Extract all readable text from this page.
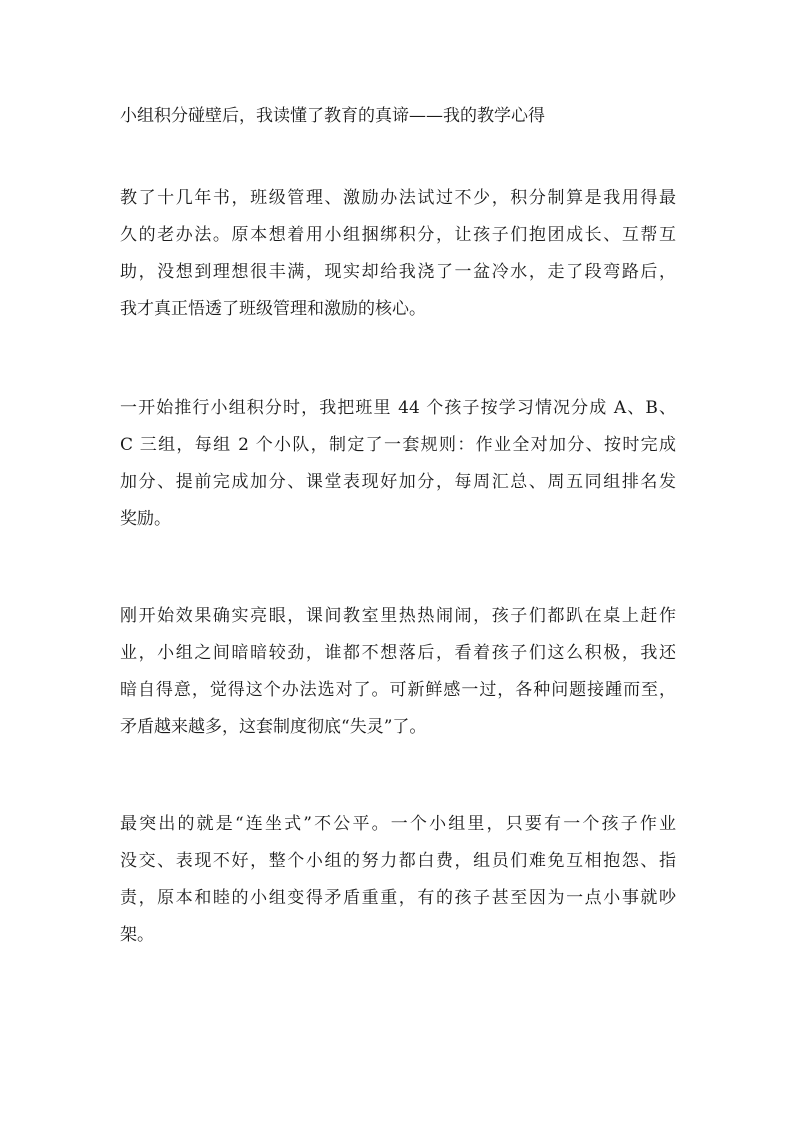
小组积分碰壁后，我读懂了教育的真谛——我的教学心得
教了十几年书，班级管理、激励办法试过不少，积分制算是我用得最
久的老办法。原本想着用小组捆绑积分，让孩子们抱团成长、互帮互
助，没想到理想很丰满，现实却给我浇了一盆冷水，走了段弯路后，
我才真正悟透了班级管理和激励的核心。
一开始推行小组积分时，我把班里 44 个孩子按学习情况分成 A、B、
C 三组，每组 2 个小队，制定了一套规则：作业全对加分、按时完成
加分、提前完成加分、课堂表现好加分，每周汇总、周五同组排名发
奖励。
刚开始效果确实亮眼，课间教室里热热闹闹，孩子们都趴在桌上赶作
业，小组之间暗暗较劲，谁都不想落后，看着孩子们这么积极，我还
暗自得意，觉得这个办法选对了。可新鲜感一过，各种问题接踵而至，
矛盾越来越多，这套制度彻底“失灵”了。
最突出的就是“连坐式”不公平。一个小组里，只要有一个孩子作业
没交、表现不好，整个小组的努力都白费，组员们难免互相抱怨、指
责，原本和睦的小组变得矛盾重重，有的孩子甚至因为一点小事就吵
架。
